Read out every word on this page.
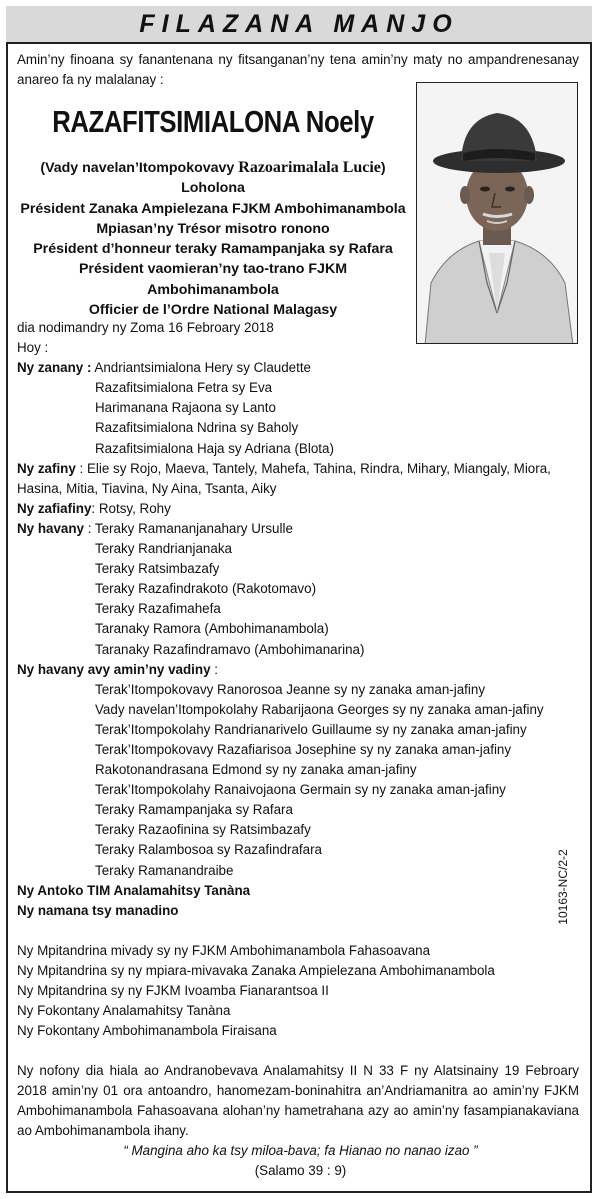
FILAZANA MANJO

Amin’ny finoana sy fanantenana ny fitsanganan’ny tena amin’ny maty no ampandrenesanay anareo fa ny malalanay :

RAZAFITSIMIALONA Noely
(Vady navelan’Itompokovavy Razoarimalala Lucie)
Loholona
Président Zanaka Ampielezana FJKM Ambohimanambola
Mpiasan’ny Trésor misotro ronono
Président d’honneur teraky Ramampanjaka sy Rafara
Président vaomieran’ny tao-trano FJKM Ambohimanambola
Officier de l’Ordre National Malagasy
dia nodimandry ny Zoma 16 Febroary 2018
Hoy :
Ny zanany : Andriantsimialona Hery sy Claudette
Razafitsimialona Fetra sy Eva
Harimanana Rajaona sy Lanto
Razafitsimialona Ndrina sy Baholy
Razafitsimialona Haja sy Adriana (Blota)
Ny zafiny : Elie sy Rojo, Maeva, Tantely, Mahefa, Tahina, Rindra, Mihary, Miangaly, Miora,
Hasina, Mitia, Tiavina, Ny Aina, Tsanta, Aiky
Ny zafiafiny: Rotsy, Rohy
Ny havany : Teraky Ramananjanahary Ursulle
Teraky Randrianjanaka
Teraky Ratsimbazafy
Teraky Razafindrakoto (Rakotomavo)
Teraky Razafimahefa
Taranaky Ramora (Ambohimanambola)
Taranaky Razafindramavo (Ambohimanarina)
Ny havany avy amin’ny vadiny :
Terak’Itompokovavy Ranorosoa Jeanne sy ny zanaka aman-jafiny
Vady navelan’Itompokolahy Rabarijaona Georges sy ny zanaka aman-jafiny
Terak’Itompokolahy Randrianarivelo Guillaume sy ny zanaka aman-jafiny
Terak’Itompokovavy Razafiarisoa Josephine sy ny zanaka aman-jafiny
Rakotonandrasana Edmond sy ny zanaka aman-jafiny
Terak’Itompokolahy Ranaivojaona Germain sy ny zanaka aman-jafiny
Teraky Ramampanjaka sy Rafara
Teraky Razaofinina sy Ratsimbazafy
Teraky Ralambosoa sy Razafindrafara
Teraky Ramanandraibe
Ny Antoko TIM Analamahitsy Tanàna
Ny namana tsy manadino
Ny Mpitandrina mivady sy ny FJKM Ambohimanambola Fahasoavana
Ny Mpitandrina sy ny mpiara-mivavaka Zanaka Ampielezana Ambohimanambola
Ny Mpitandrina sy ny FJKM Ivoamba Fianarantsoa II
Ny Fokontany Analamahitsy Tanàna
Ny Fokontany Ambohimanambola Firaisana
Ny nofony dia hiala ao Andranobevava Analamahitsy II N 33 F ny Alatsinainy 19 Febroary 2018 amin’ny 01 ora antoandro, hanomezam-boninahitra an’Andriamanitra ao amin’ny FJKM Ambohimanambola Fahasoavana alohan’ny hametrahana azy ao amin’ny fasampianakaviana ao Ambohimanambola ihany.
“ Mangina aho ka tsy miloa-bava; fa Hianao no nanao izao ”
(Salamo 39 : 9)
10163-NC/2-2
